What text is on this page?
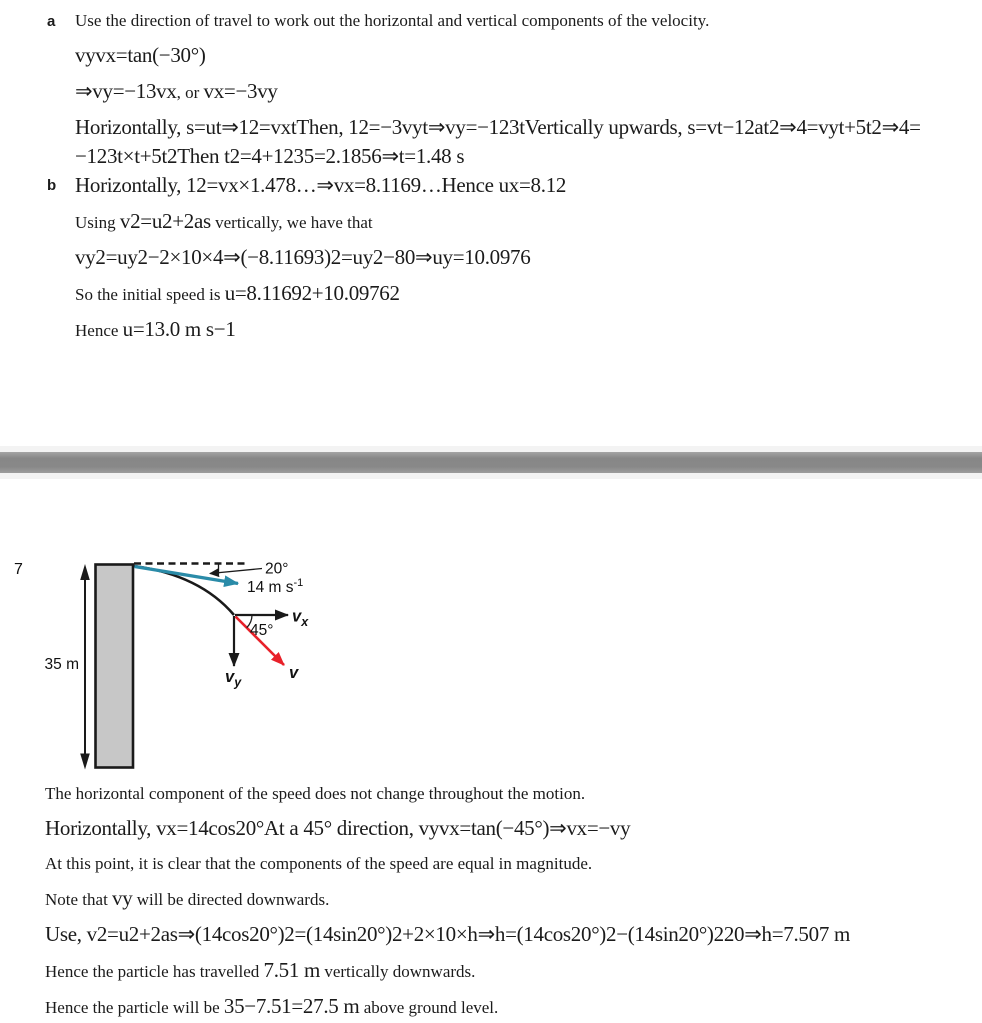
a Use the direction of travel to work out the horizontal and vertical components of the velocity.
vyvx=tan(−30°)
⇒vy=−13vx, or vx=−3vy
Horizontally, s=ut⇒12=vxtThen, 12=−3vyt⇒vy=−123tVertically upwards, s=vt−12at2⇒4=vyt+5t2⇒4=
−123t×t+5t2Then t2=4+1235=2.1856⇒t=1.48 s
b Horizontally, 12=vx×1.478…⇒vx=8.1169…Hence ux=8.12
Using v2=u2+2as vertically, we have that
vy2=uy2−2×10×4⇒(−8.11693)2=uy2−80⇒uy=10.0976
So the initial speed is u=8.11692+10.09762
Hence u=13.0 m s−1
7
35 m
20°
14 m $s^{-1}$
45°
$v_x$
$v_y$
v
The horizontal component of the speed does not change throughout the motion.
Horizontally, vx=14cos20°At a 45° direction, vyvx=tan(−45°)⇒vx=−vy
At this point, it is clear that the components of the speed are equal in magnitude.
Note that vy will be directed downwards.
Use, v2=u2+2as⇒(14cos20°)2=(14sin20°)2+2×10×h⇒h=(14cos20°)2−(14sin20°)220⇒h=7.507 m
Hence the particle has travelled 7.51 m vertically downwards.
Hence the particle will be 35−7.51=27.5 m above ground level.
